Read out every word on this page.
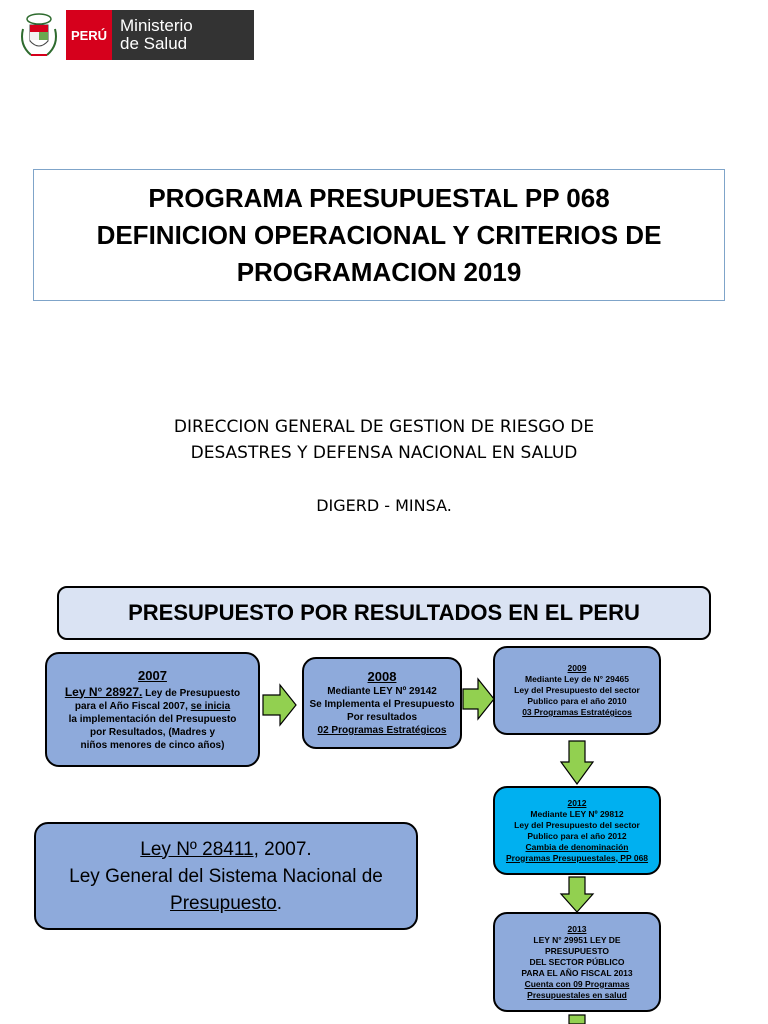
PERÚ Ministerio
de Salud
PROGRAMA PRESUPUESTAL PP 068
DEFINICION OPERACIONAL Y CRITERIOS DE
PROGRAMACION 2019
DIRECCION GENERAL DE GESTION DE RIESGO DE
DESASTRES Y DEFENSA NACIONAL EN SALUD
DIGERD - MINSA.
PRESUPUESTO POR RESULTADOS EN EL PERU
2007
Ley N° 28927. Ley de Presupuesto
para el Año Fiscal 2007, se inicia
la implementación del Presupuesto
por Resultados, (Madres y
niños menores de cinco años)
2008
Mediante LEY Nº 29142
Se Implementa el Presupuesto
Por resultados
02 Programas Estratégicos
2009
Mediante Ley de N° 29465
Ley del Presupuesto del sector
Publico para el año 2010
03 Programas Estratégicos
2012
Mediante LEY Nº 29812
Ley del Presupuesto del sector
Publico para el año 2012
Cambia de denominación
Programas Presupuestales, PP 068
2013
LEY N° 29951 LEY DE
PRESUPUESTO
DEL SECTOR PÚBLICO
PARA EL AÑO FISCAL 2013
Cuenta con 09 Programas
Presupuestales en salud
Ley Nº 28411, 2007.
Ley General del Sistema Nacional de
Presupuesto.
